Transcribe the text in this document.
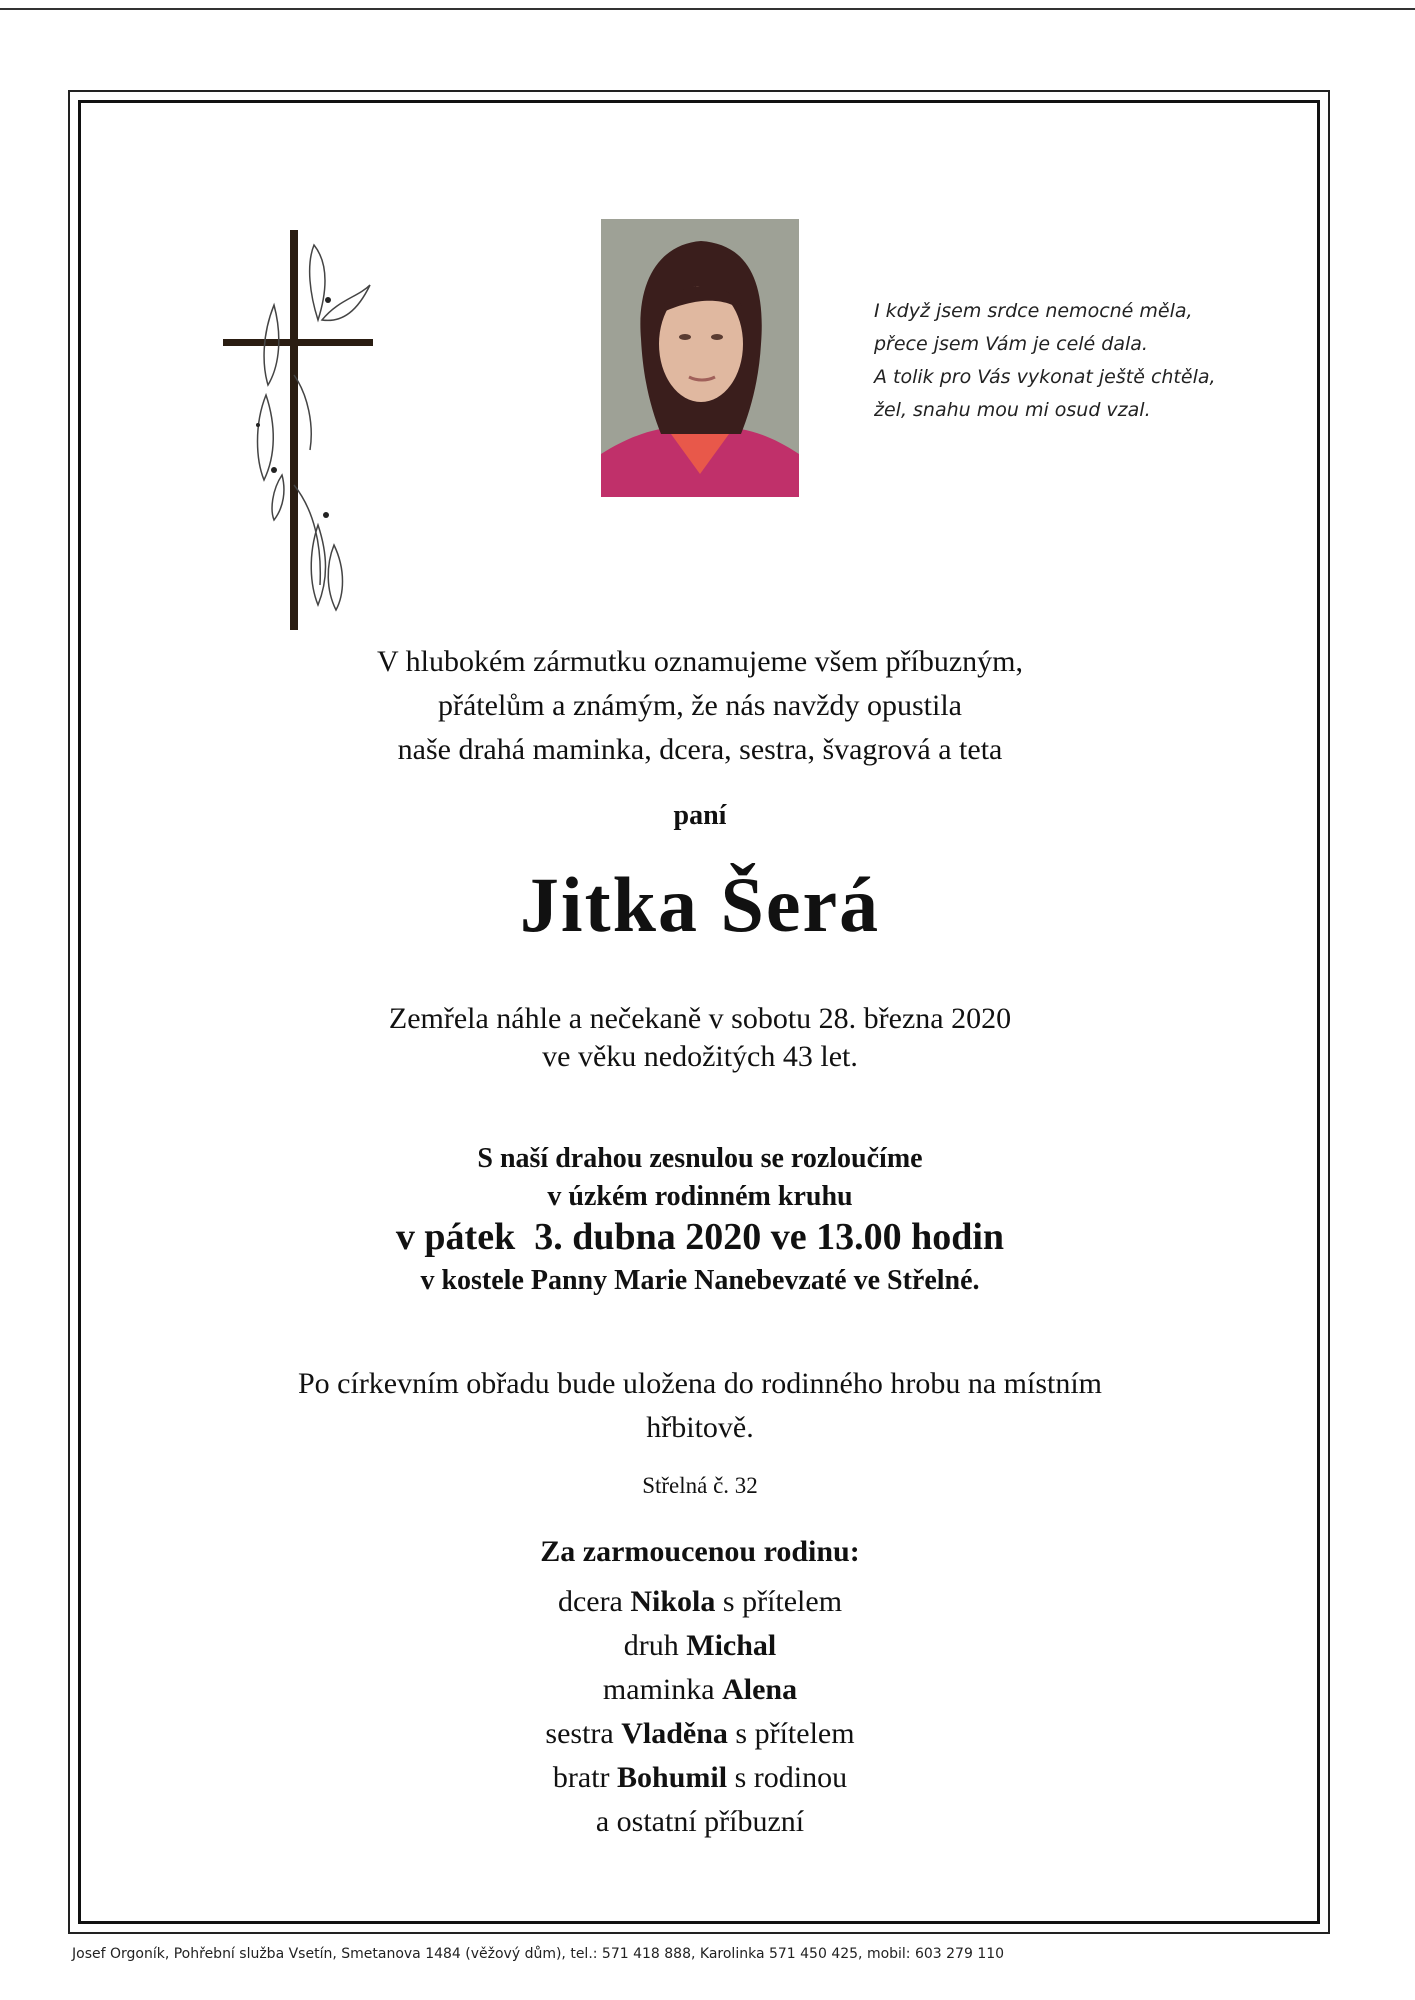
I když jsem srdce nemocné měla,
přece jsem Vám je celé dala.
A tolik pro Vás vykonat ještě chtěla,
žel, snahu mou mi osud vzal.
V hlubokém zármutku oznamujeme všem příbuzným,
přátelům a známým, že nás navždy opustila
naše drahá maminka, dcera, sestra, švagrová a teta
paní
Jitka Šerá
Zemřela náhle a nečekaně v sobotu 28. března 2020
ve věku nedožitých 43 let.
S naší drahou zesnulou se rozloučíme
v úzkém rodinném kruhu
v pátek  3. dubna 2020 ve 13.00 hodin
v kostele Panny Marie Nanebevzaté ve Střelné.
Po církevním obřadu bude uložena do rodinného hrobu na místním
hřbitově.
Střelná č. 32
Za zarmoucenou rodinu:
dcera Nikola s přítelem
druh Michal
maminka Alena
sestra Vladěna s přítelem
bratr Bohumil s rodinou
a ostatní příbuzní
Josef Orgoník, Pohřební služba Vsetín, Smetanova 1484 (věžový dům), tel.: 571 418 888, Karolinka 571 450 425, mobil: 603 279 110
